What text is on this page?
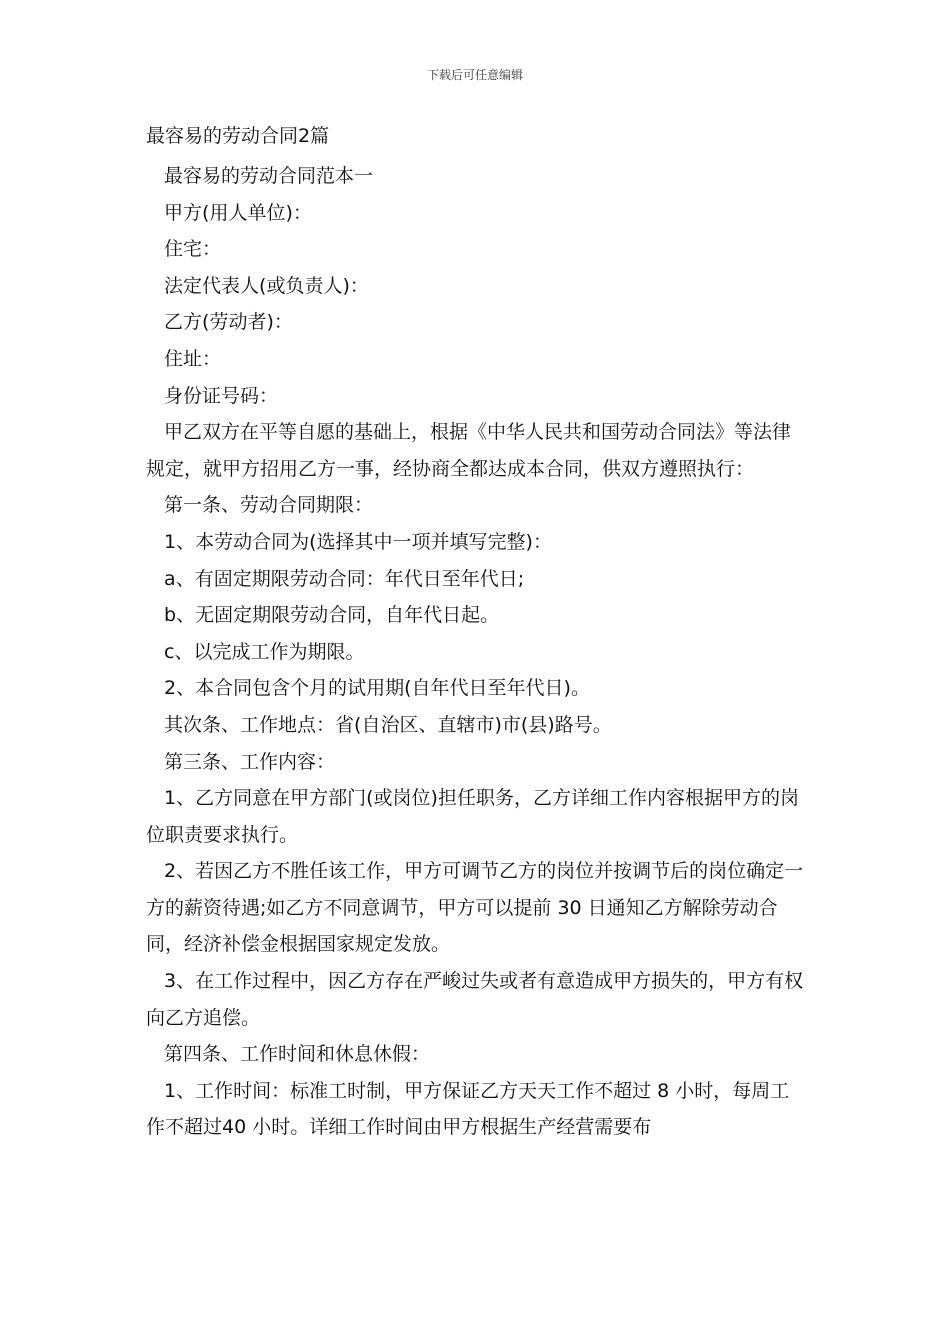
下载后可任意编辑
最容易的劳动合同2篇

最容易的劳动合同范本一

甲方(用人单位)：

住宅：

法定代表人(或负责人)：

乙方(劳动者)：

住址：

身份证号码：

甲乙双方在平等自愿的基础上，根据《中华人民共和国劳动合同法》等法律规定，就甲方招用乙方一事，经协商全都达成本合同，供双方遵照执行：

第一条、劳动合同期限：

1、本劳动合同为(选择其中一项并填写完整)：

a、有固定期限劳动合同：年代日至年代日;

b、无固定期限劳动合同，自年代日起。

c、以完成工作为期限。

2、本合同包含个月的试用期(自年代日至年代日)。

其次条、工作地点：省(自治区、直辖市)市(县)路号。

第三条、工作内容：

1、乙方同意在甲方部门(或岗位)担任职务，乙方详细工作内容根据甲方的岗位职责要求执行。

2、若因乙方不胜任该工作，甲方可调节乙方的岗位并按调节后的岗位确定一方的薪资待遇;如乙方不同意调节，甲方可以提前 30 日通知乙方解除劳动合同，经济补偿金根据国家规定发放。

3、在工作过程中，因乙方存在严峻过失或者有意造成甲方损失的，甲方有权向乙方追偿。

第四条、工作时间和休息休假：

1、工作时间：标准工时制，甲方保证乙方天天工作不超过 8 小时，每周工作不超过40 小时。详细工作时间由甲方根据生产经营需要布
